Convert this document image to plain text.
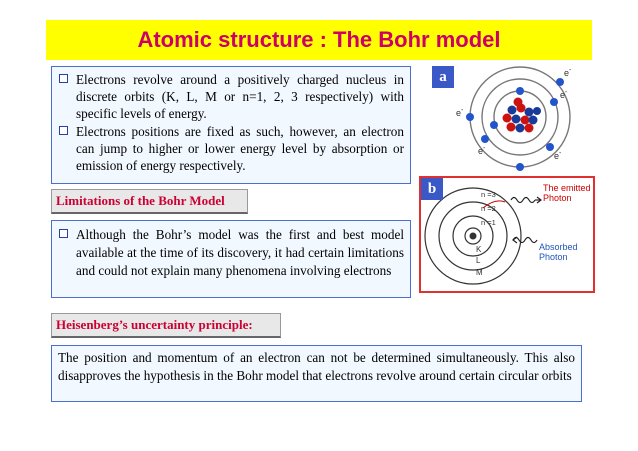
Atomic structure : The Bohr model
Electrons revolve around a positively charged nucleus in discrete orbits (K, L, M or n=1, 2, 3 respectively) with specific levels of energy.
Electrons positions are fixed as such, however, an electron can jump to higher or lower energy level by absorption or emission of energy respectively.
Limitations of the Bohr Model
Although the Bohr’s model was the first and best model available at the time of its discovery, it had certain limitations and could not explain many phenomena involving electrons
Heisenberg’s uncertainty principle:
The position and momentum of an electron can not be determined simultaneously. This also disapproves the hypothesis in the Bohr model that electrons revolve around certain circular orbits
a	e-
e-
e-
e-
e-
n =3
n =2
n =1
K
L
M
The emitted Photon
Absorbed Photon
b
